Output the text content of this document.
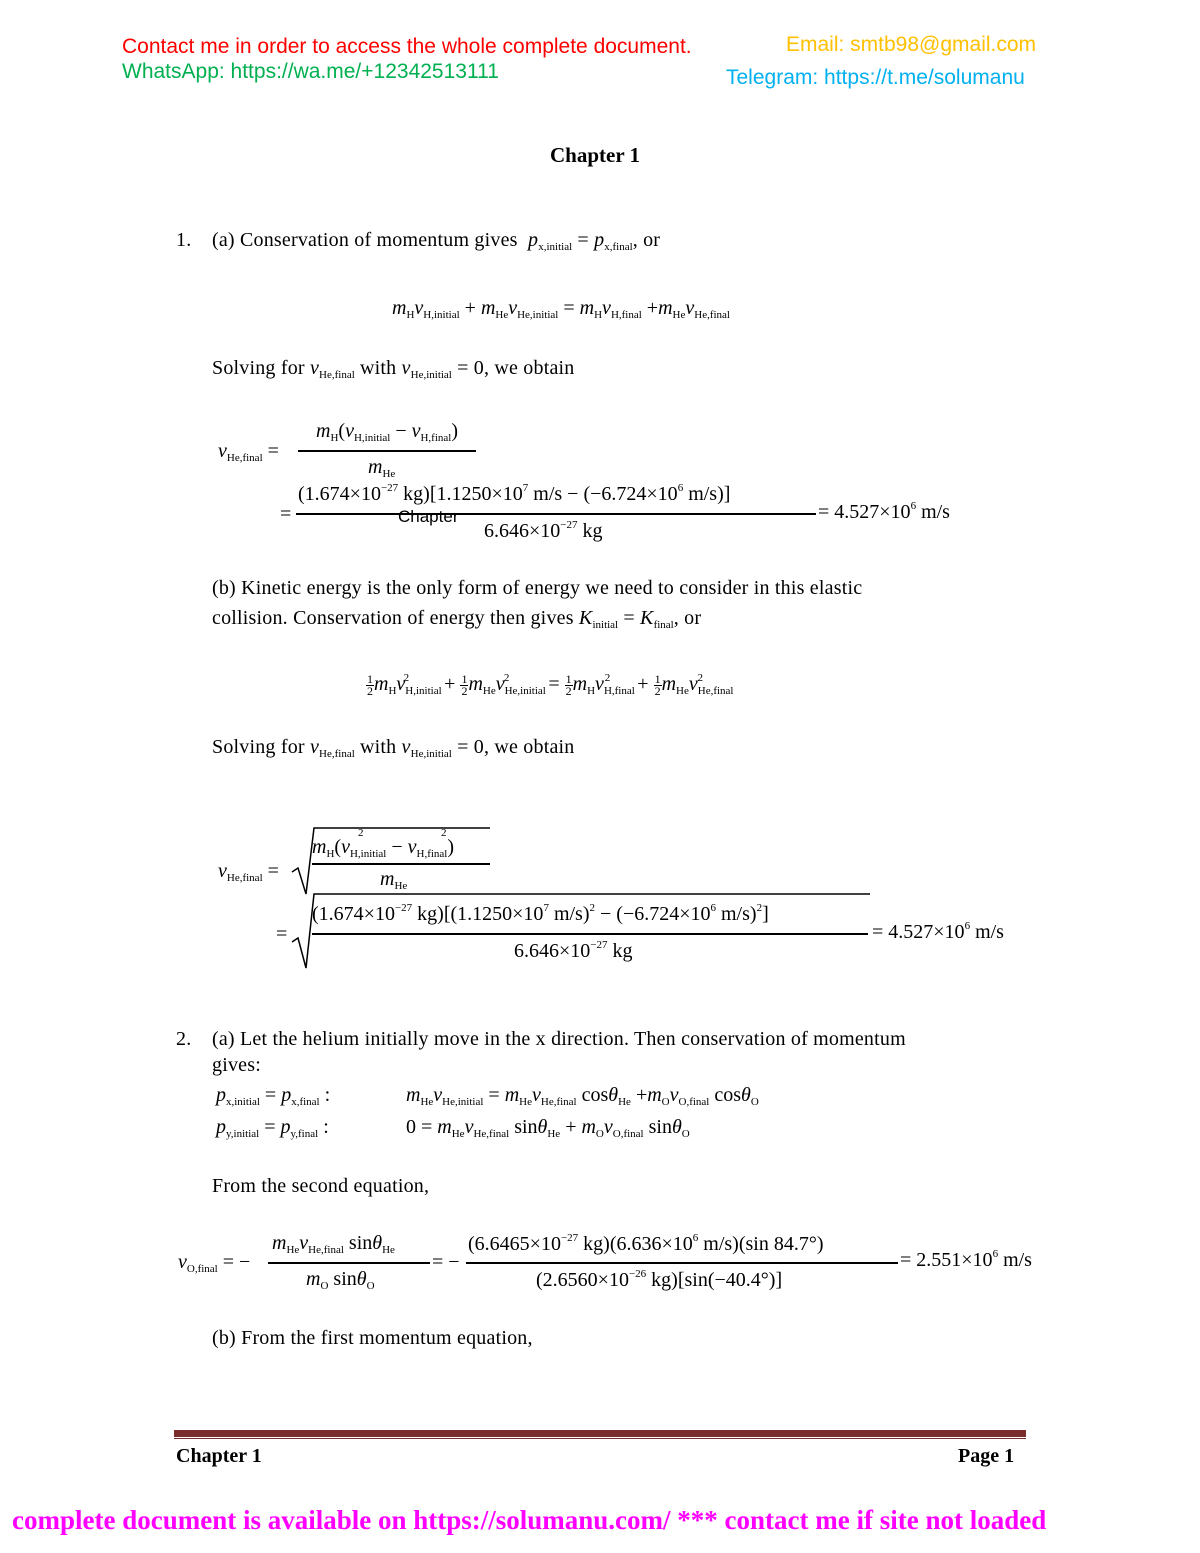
Contact me in order to access the whole complete document.	Email: smtb98@gmail.com
WhatsApp: https://wa.me/+12342513111	Telegram: https://t.me/solumanu
Chapter 1
1. (a) Conservation of momentum gives $p_{x,initial} = p_{x,final}$, or
$m_Hv_{H,initial} + m_{He}v_{He,initial} = m_Hv_{H,final} +m_{He}v_{He,final}$
Solving for $v_{He,final}$ with $v_{He,initial} = 0$, we obtain
$v_{He,final}$ =
$m_H(v_{H,initial} - v_{H,final})$
$m_{He}$
=
($1.674\times 10^{-27}$ $kg)[1.1250\times 10^7$ $m/s - (-6.724\times 10^6$ m/s)]
Chapter
$6.646\times 10^{-27}$ kg
= $4.527\times 10^6$ m/s
(b) Kinetic energy is the only form of energy we need to consider in this elastic
collision. Conservation of energy then gives $K_{initial} = K_{final}$, or
$\frac{1}{2} m_Hv_{H,initial}^2 + \frac{1}{2} m_{He}v_{He,initial}^2 = \frac{1}{2} m_Hv_{H,final}^2 + \frac{1}{2} m_{He}v_{He,final}^2$
Solving for $v_{He,final}$ with $v_{He,initial} = 0$, we obtain
$v_{He,final}$ =
$m_H(v_{H,initial} - v_{H,final})$
2	2
$m_{He}$
=
($1.674\times 10^{-27}$ $kg)[(1.1250\times 10^7$ $m/s)^2 - (-6.724\times 10^6$ m/s)$^2$]
$6.646\times 10^{-27}$ kg
= $4.527\times 10^6$ m/s
2. (a) Let the helium initially move in the x direction. Then conservation of momentum
gives:
$p_{x,initial} = p_{x,final}$ :	$m_{He}v_{He,initial} = m_{He}v_{He,final}$ $\cos\theta_{He} +m_Ov_{O,final}$ cosθ$_O$
$p_{y,initial} = p_{y,final}$ :	$0 = m_{He}v_{He,final}$ $\sin\theta_{He} + m_Ov_{O,final}$ sinθ$_O$
From the second equation,
$v_{O,final}$ = −
$m_{He}v_{He,final}$ sinθ$_{He}$
$m_O$ sinθ$_O$
= −
($6.6465\times 10^{-27}$ $kg)(6.636\times 10^6$ m/s)(sin 84.7°)
($2.6560\times 10^{-26}$ kg)[sin(−40.4°)]
= $2.551\times 10^6$ m/s
(b) From the first momentum equation,
Chapter 1	Page 1
complete document is available on https://solumanu.com/ *** contact me if site not loaded
